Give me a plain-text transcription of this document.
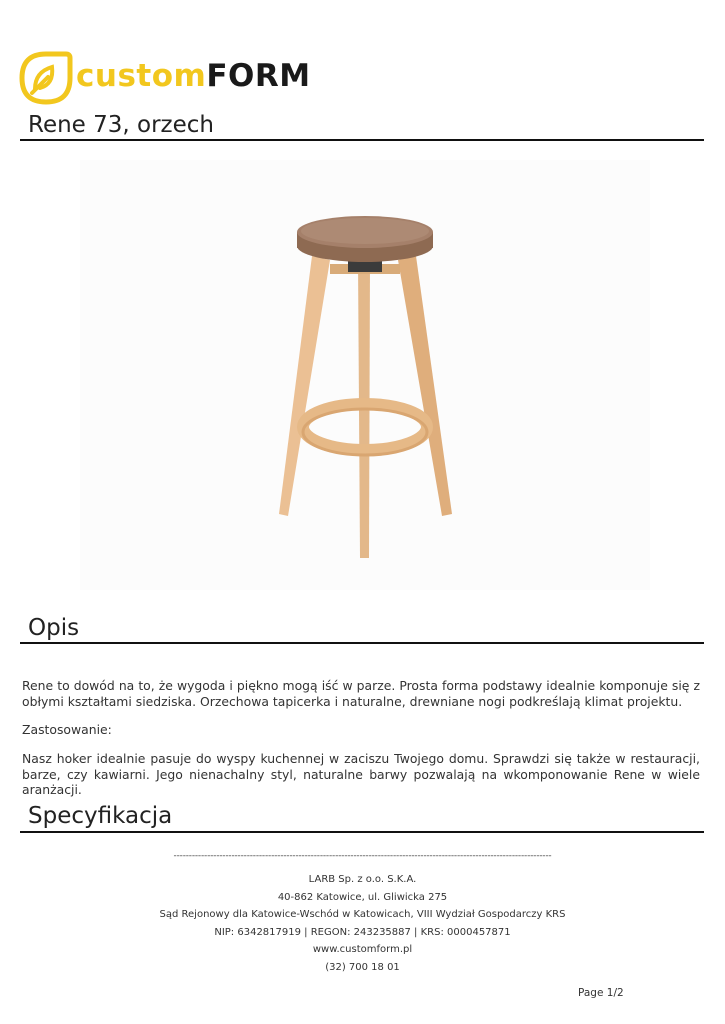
customFORM
Rene 73, orzech
Opis

Rene to dowód na to, że wygoda i piękno mogą iść w parze. Prosta forma podstawy idealnie komponuje się z obłymi kształtami siedziska. Orzechowa tapicerka i naturalne, drewniane nogi podkreślają klimat projektu.

Zastosowanie:

Nasz hoker idealnie pasuje do wyspy kuchennej w zaciszu Twojego domu. Sprawdzi się także w restauracji, barze, czy kawiarni. Jego nienachalny styl, naturalne barwy pozwalają na wkomponowanie Rene w wiele aranżacji.

Specyfikacja
----------------------------------------------------------------------------------------------------------------------------
LARB Sp. z o.o. S.K.A.
40-862 Katowice, ul. Gliwicka 275
Sąd Rejonowy dla Katowice-Wschód w Katowicach, VIII Wydział Gospodarczy KRS
NIP: 6342817919 | REGON: 243235887 | KRS: 0000457871
www.customform.pl
(32) 700 18 01
Page 1/2
